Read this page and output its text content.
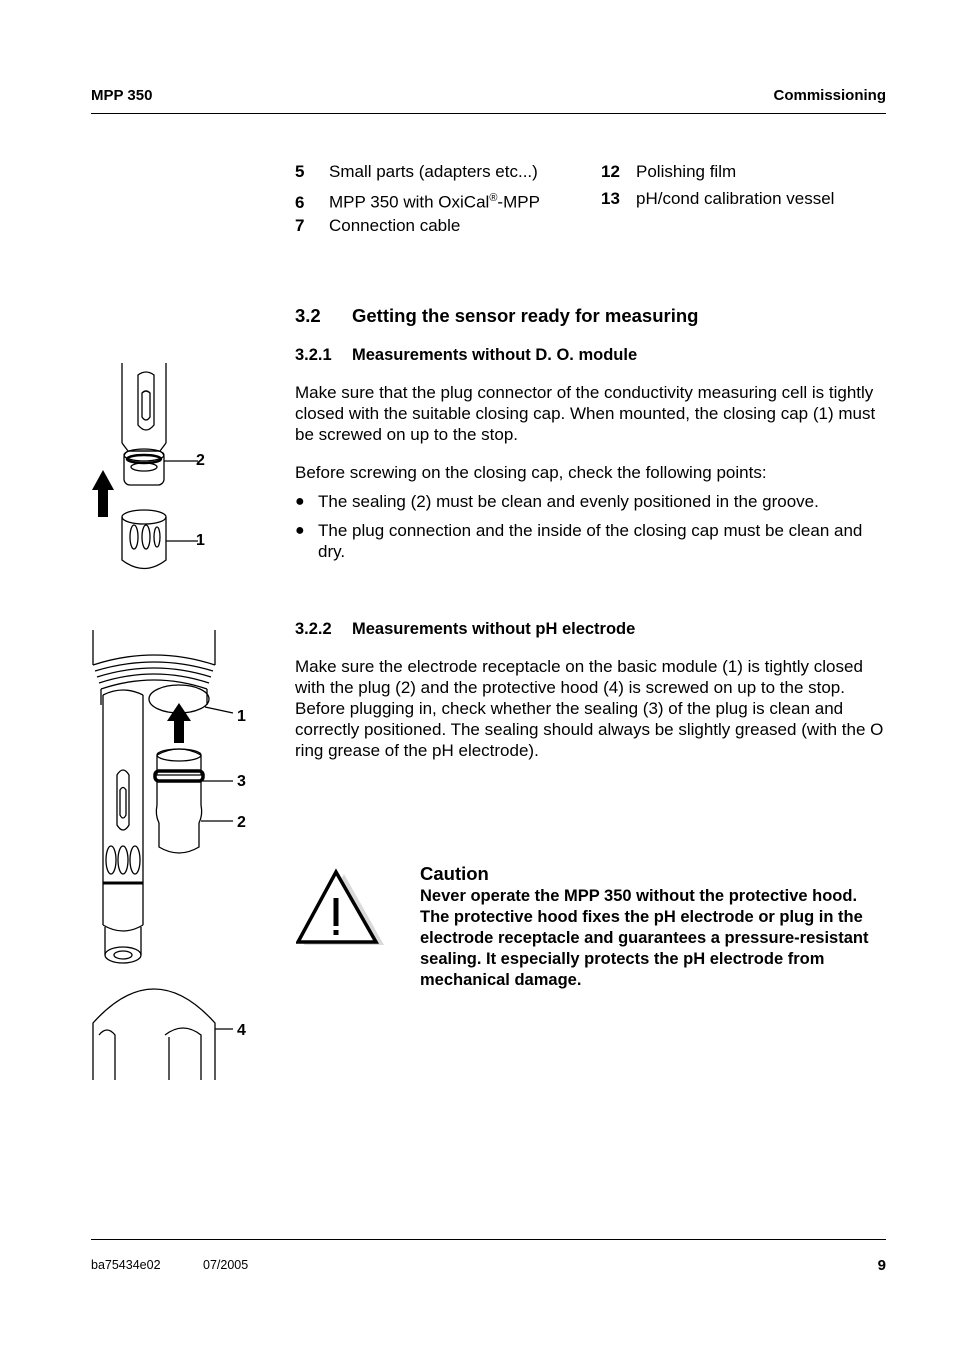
MPP 350	Commissioning
5 Small parts (adapters etc...)
6 MPP 350 with OxiCal®-MPP
7 Connection cable
12 Polishing film
13 pH/cond calibration vessel
3.2 Getting the sensor ready for measuring
3.2.1 Measurements without D. O. module
Make sure that the plug connector of the conductivity measuring cell is tightly closed with the suitable closing cap. When mounted, the closing cap (1) must be screwed on up to the stop.
Before screwing on the closing cap, check the following points:
● The sealing (2) must be clean and evenly positioned in the groove.
● The plug connection and the inside of the closing cap must be clean and dry.
2
1
3.2.2 Measurements without pH electrode
Make sure the electrode receptacle on the basic module (1) is tightly closed with the plug (2) and the protective hood (4) is screwed on up to the stop. Before plugging in, check whether the sealing (3) of the plug is clean and correctly positioned. The sealing should always be slightly greased (with the O ring grease of the pH electrode).
1
3
2
4
Caution
Never operate the MPP 350 without the protective hood. The protective hood fixes the pH electrode or plug in the electrode receptacle and guarantees a pressure-resistant sealing. It especially protects the pH electrode from mechanical damage.
ba75434e02	07/2005	9
